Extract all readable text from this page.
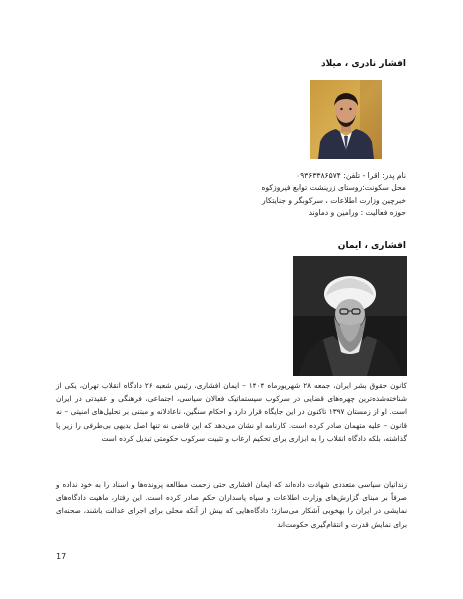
افشار نادری ، میلاد
نام پدر: اقرا - تلفن: ۰۹۳۶۳۳۸۶۵۷۴
محل سکونت:روستای زرینشت توابع فیروزکوه
خبرچین وزارت اطلاعات ، سرکوبگر و جنایتکار
حوزه فعالیت : ورامین و دماوند
افشاری ، ایمان
کانون حقوق بشر ایران، جمعه ۲۸ شهریورماه ۱۴۰۴ – ایمان افشاری، رئیس شعبه ۲۶ دادگاه انقلاب تهران، یکی از شناخته‌شده‌ترین چهره‌های قضایی در سرکوب سیستماتیک فعالان سیاسی، اجتماعی، فرهنگی و عقیدتی در ایران است. او از زمستان ۱۳۹۷ تاکنون در این جایگاه قرار دارد و احکام سنگین، ناعادلانه و مبتنی بر تحلیل‌های امنیتی – نه قانون – علیه متهمان صادر کرده است. کارنامه او نشان می‌دهد که این قاضی نه تنها اصل بدیهی بی‌طرفی را زیر پا گذاشته، بلکه دادگاه انقلاب را به ابزاری برای تحکیم ارعاب و تثبیت سرکوب حکومتی تبدیل کرده است
زندانیان سیاسی متعددی شهادت داده‌اند که ایمان افشاری حتی زحمت مطالعه پرونده‌ها و اسناد را به خود نداده و صرفاً بر مبنای گزارش‌های وزارت اطلاعات و سپاه پاسداران حکم صادر کرده است. این رفتار، ماهیت دادگاه‌های نمایشی در ایران را بهخوبی آشکار می‌سازد؛ دادگاه‌هایی که بیش از آنکه محلی برای اجرای عدالت باشند، صحنه‌ای برای نمایش قدرت و انتقام‌گیری حکومت‌اند
17
